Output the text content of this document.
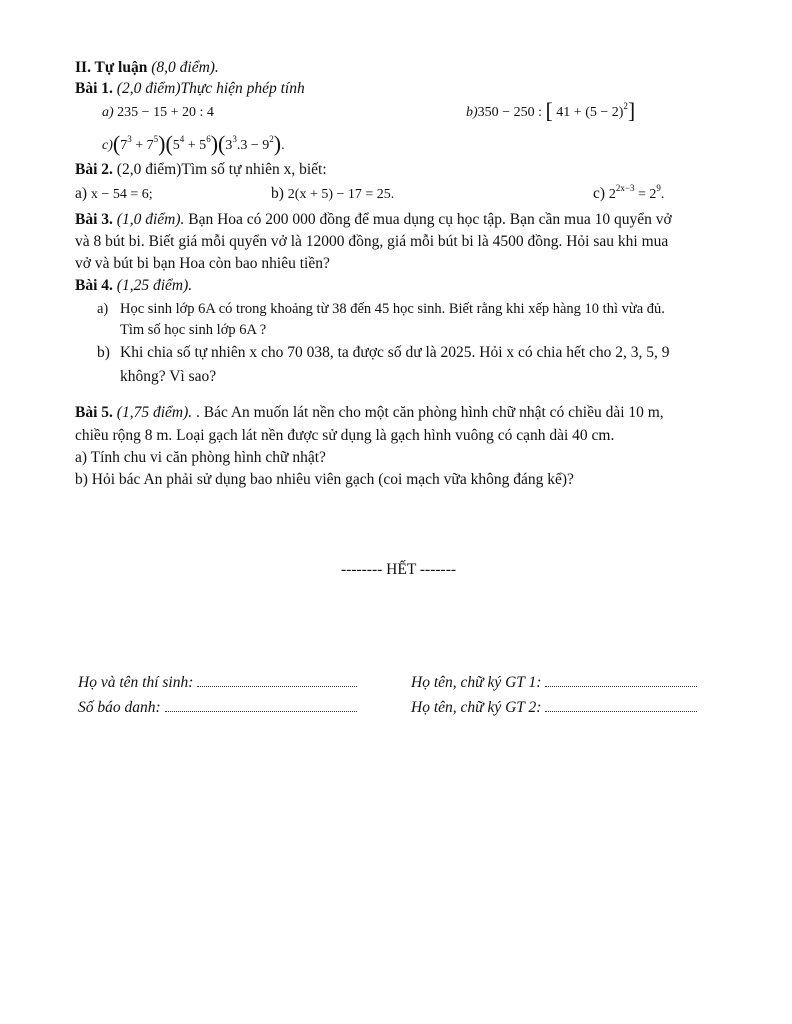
II. Tự luận (8,0 điểm).
Bài 1. (2,0 điểm)Thực hiện phép tính
a) 235 − 15 + 20 : 4	b)350 − 250 : [ $41 + (5 - 2)^2$]
$c)(7^3 + 7^5)(5^4 + 5^6)(3^3.3 - 9^2)$.
Bài 2. (2,0 điểm)Tìm số tự nhiên x, biết:
a) x − 54 = 6;	b) 2(x + 5) − 17 = 25.	c) $2^{2x-3} = 2^9$.
Bài 3. (1,0 điểm). Bạn Hoa có 200 000 đồng để mua dụng cụ học tập. Bạn cần mua 10 quyển vở
và 8 bút bi. Biết giá mỗi quyển vở là 12000 đồng, giá mỗi bút bi là 4500 đồng. Hỏi sau khi mua
vở và bút bi bạn Hoa còn bao nhiêu tiền?
Bài 4. (1,25 điểm).
a) Học sinh lớp 6A có trong khoảng từ 38 đến 45 học sinh. Biết rằng khi xếp hàng 10 thì vừa đủ.
Tìm số học sinh lớp 6A ?
b) Khi chia số tự nhiên x cho 70 038, ta được số dư là 2025. Hỏi x có chia hết cho 2, 3, 5, 9
không? Vì sao?
Bài 5. (1,75 điểm). . Bác An muốn lát nền cho một căn phòng hình chữ nhật có chiều dài 10 m,
chiều rộng 8 m. Loại gạch lát nền được sử dụng là gạch hình vuông có cạnh dài 40 cm.
a) Tính chu vi căn phòng hình chữ nhật?
b) Hỏi bác An phải sử dụng bao nhiêu viên gạch (coi mạch vữa không đáng kể)?
-------- HẾT -------
Họ và tên thí sinh:	Họ tên, chữ ký GT 1:
Số báo danh:	Họ tên, chữ ký GT 2:
